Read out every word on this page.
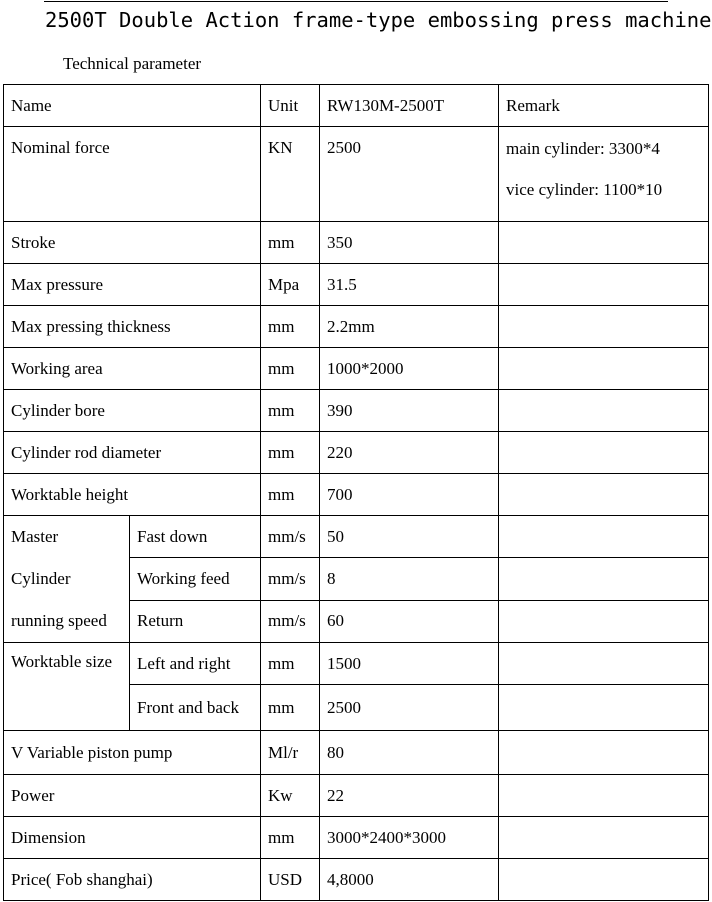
2500T Double Action frame-type embossing press machine
Technical parameter
Name		Unit	RW130M-2500T	Remark
Nominal force		KN	2500	main cylinder: 3300*4
vice cylinder: 1100*10

Stroke		mm	350	
Max pressure		Mpa	31.5	
Max pressing thickness		mm	2.2mm	
Working area		mm	1000*2000	
Cylinder bore		mm	390	
Cylinder rod diameter		mm	220	
Worktable height		mm	700	

Master
Cylinder
running speed	Fast down	mm/s	50	
	Working feed	mm/s	8	
	Return	mm/s	60	
Worktable size	Left and right	mm	1500	
	Front and back	mm	2500	
V Variable piston pump		Ml/r	80	
Power		Kw	22	
Dimension		mm	3000*2400*3000	
Price( Fob shanghai)		USD	4,8000	
